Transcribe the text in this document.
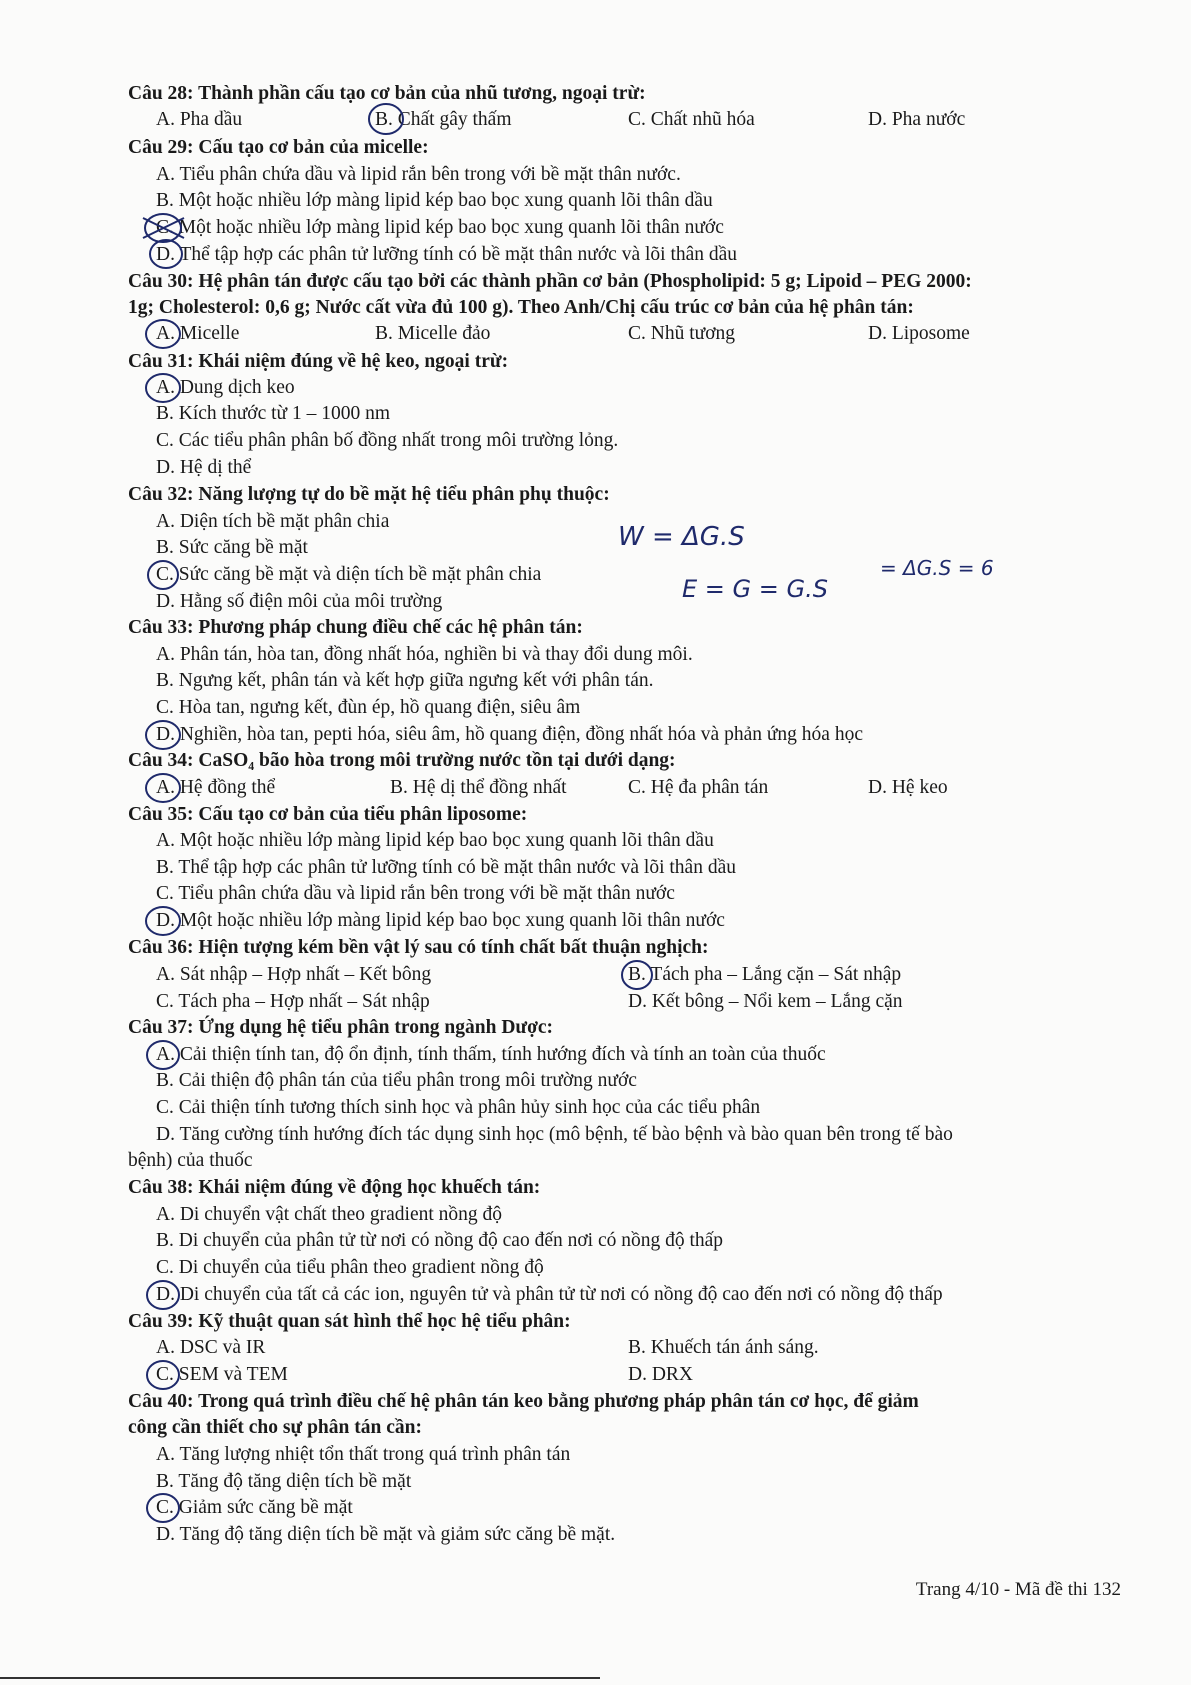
Câu 28: Thành phần cấu tạo cơ bản của nhũ tương, ngoại trừ:
A. Pha dầu	B. Chất gây thấm	C. Chất nhũ hóa	D. Pha nước
Câu 29: Cấu tạo cơ bản của micelle:
A. Tiểu phân chứa dầu và lipid rắn bên trong với bề mặt thân nước.
B. Một hoặc nhiều lớp màng lipid kép bao bọc xung quanh lõi thân dầu
C. Một hoặc nhiều lớp màng lipid kép bao bọc xung quanh lõi thân nước
D. Thể tập hợp các phân tử lưỡng tính có bề mặt thân nước và lõi thân dầu
Câu 30: Hệ phân tán được cấu tạo bởi các thành phần cơ bản (Phospholipid: 5 g; Lipoid – PEG 2000:
1g; Cholesterol: 0,6 g; Nước cất vừa đủ 100 g). Theo Anh/Chị cấu trúc cơ bản của hệ phân tán:
A. Micelle	B. Micelle đảo	C. Nhũ tương	D. Liposome
Câu 31: Khái niệm đúng về hệ keo, ngoại trừ:
A. Dung dịch keo
B. Kích thước từ 1 – 1000 nm
C. Các tiểu phân phân bố đồng nhất trong môi trường lỏng.
D. Hệ dị thể
Câu 32: Năng lượng tự do bề mặt hệ tiểu phân phụ thuộc:
A. Diện tích bề mặt phân chia
B. Sức căng bề mặt
C. Sức căng bề mặt và diện tích bề mặt phân chia
D. Hằng số điện môi của môi trường
Câu 33: Phương pháp chung điều chế các hệ phân tán:
A. Phân tán, hòa tan, đồng nhất hóa, nghiền bi và thay đổi dung môi.
B. Ngưng kết, phân tán và kết hợp giữa ngưng kết với phân tán.
C. Hòa tan, ngưng kết, đùn ép, hồ quang điện, siêu âm
D. Nghiền, hòa tan, pepti hóa, siêu âm, hồ quang điện, đồng nhất hóa và phản ứng hóa học
Câu 34: CaSO₄ bão hòa trong môi trường nước tồn tại dưới dạng:
A. Hệ đồng thể	B. Hệ dị thể đồng nhất	C. Hệ đa phân tán	D. Hệ keo
Câu 35: Cấu tạo cơ bản của tiểu phân liposome:
A. Một hoặc nhiều lớp màng lipid kép bao bọc xung quanh lõi thân dầu
B. Thể tập hợp các phân tử lưỡng tính có bề mặt thân nước và lõi thân dầu
C. Tiểu phân chứa dầu và lipid rắn bên trong với bề mặt thân nước
D. Một hoặc nhiều lớp màng lipid kép bao bọc xung quanh lõi thân nước
Câu 36: Hiện tượng kém bền vật lý sau có tính chất bất thuận nghịch:
A. Sát nhập – Hợp nhất – Kết bông	B. Tách pha – Lắng cặn – Sát nhập
C. Tách pha – Hợp nhất – Sát nhập	D. Kết bông – Nổi kem – Lắng cặn
Câu 37: Ứng dụng hệ tiểu phân trong ngành Dược:
A. Cải thiện tính tan, độ ổn định, tính thấm, tính hướng đích và tính an toàn của thuốc
B. Cải thiện độ phân tán của tiểu phân trong môi trường nước
C. Cải thiện tính tương thích sinh học và phân hủy sinh học của các tiểu phân
D. Tăng cường tính hướng đích tác dụng sinh học (mô bệnh, tế bào bệnh và bào quan bên trong tế bào
bệnh) của thuốc
Câu 38: Khái niệm đúng về động học khuếch tán:
A. Di chuyển vật chất theo gradient nồng độ
B. Di chuyển của phân tử từ nơi có nồng độ cao đến nơi có nồng độ thấp
C. Di chuyển của tiểu phân theo gradient nồng độ
D. Di chuyển của tất cả các ion, nguyên tử và phân tử từ nơi có nồng độ cao đến nơi có nồng độ thấp
Câu 39: Kỹ thuật quan sát hình thể học hệ tiểu phân:
A. DSC và IR	B. Khuếch tán ánh sáng.
C. SEM và TEM	D. DRX
Câu 40: Trong quá trình điều chế hệ phân tán keo bằng phương pháp phân tán cơ học, để giảm
công cần thiết cho sự phân tán cần:
A. Tăng lượng nhiệt tổn thất trong quá trình phân tán
B. Tăng độ tăng diện tích bề mặt
C. Giảm sức căng bề mặt
D. Tăng độ tăng diện tích bề mặt và giảm sức căng bề mặt.
W = ΔG.S
= ΔG.S = 6
E = G = G.S
Trang 4/10 - Mã đề thi 132
